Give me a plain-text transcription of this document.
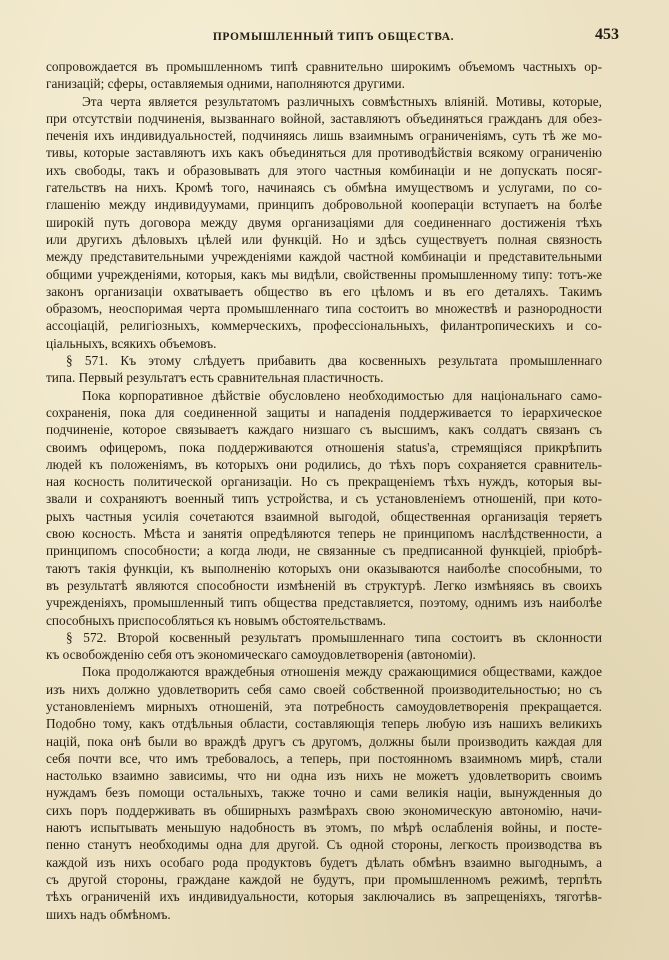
ПРОМЫШЛЕННЫЙ ТИПЪ ОБЩЕСТВА.	453
сопровождается въ промышленномъ типѣ сравнительно широкимъ объемомъ частныхъ ор-
ганизацій; сферы, оставляемыя одними, наполняются другими.
Эта черта является результатомъ различныхъ совмѣстныхъ вліяній. Мотивы, которые,
при отсутствіи подчиненія, вызваннаго войной, заставляютъ объединяться гражданъ для обез-
печенія ихъ индивидуальностей, подчиняясь лишь взаимнымъ ограниченіямъ, суть тѣ же мо-
тивы, которые заставляютъ ихъ какъ объединяться для противодѣйствія всякому ограниченію
ихъ свободы, такъ и образовывать для этого частныя комбинаціи и не допускать посяг-
гательствъ на нихъ. Кромѣ того, начинаясь съ обмѣна имуществомъ и услугами, по со-
глашенію между индивидуумами, принципъ добровольной коопераціи вступаетъ на болѣе
широкій путь договора между двумя организаціями для соединеннаго достиженія тѣхъ
или другихъ дѣловыхъ цѣлей или функцій. Но и здѣсь существуетъ полная связность
между представительными учрежденіями каждой частной комбинаціи и представительными
общими учрежденіями, которыя, какъ мы видѣли, свойственны промышленному типу: тотъ-же
законъ организаціи охватываетъ общество въ его цѣломъ и въ его деталяхъ. Такимъ
образомъ, неоспоримая черта промышленнаго типа состоитъ во множествѣ и разнородности
ассоціацій, религіозныхъ, коммерческихъ, профессіональныхъ, филантропическихъ и со-
ціальныхъ, всякихъ объемовъ.
§ 571. Къ этому слѣдуетъ прибавить два косвенныхъ результата промышленнаго
типа. Первый результатъ есть сравнительная пластичность.
Пока корпоративное дѣйствіе обусловлено необходимостью для національнаго само-
сохраненія, пока для соединенной защиты и нападенія поддерживается то іерархическое
подчиненіе, которое связываетъ каждаго низшаго съ высшимъ, какъ солдатъ связанъ съ
своимъ офицеромъ, пока поддерживаются отношенія status'а, стремящіяся прикрѣпить
людей къ положеніямъ, въ которыхъ они родились, до тѣхъ поръ сохраняется сравнитель-
ная косность политической организаціи. Но съ прекращеніемъ тѣхъ нуждъ, которыя вы-
звали и сохраняютъ военный типъ устройства, и съ установленіемъ отношеній, при кото-
рыхъ частныя усилія сочетаются взаимной выгодой, общественная организація теряетъ
свою косность. Мѣста и занятія опредѣляются теперь не принципомъ наслѣдственности, а
принципомъ способности; а когда люди, не связанные съ предписанной функціей, пріобрѣ-
таютъ такія функціи, къ выполненію которыхъ они оказываются наиболѣе способными, то
въ результатѣ являются способности измѣненій въ структурѣ. Легко измѣняясь въ своихъ
учрежденіяхъ, промышленный типъ общества представляется, поэтому, однимъ изъ наиболѣе
способныхъ приспособляться къ новымъ обстоятельствамъ.
§ 572. Второй косвенный результатъ промышленнаго типа состоитъ въ склонности
къ освобожденію себя отъ экономическаго самоудовлетворенія (автономіи).
Пока продолжаются враждебныя отношенія между сражающимися обществами, каждое
изъ нихъ должно удовлетворить себя само своей собственной производительностью; но съ
установленіемъ мирныхъ отношеній, эта потребность самоудовлетворенія прекращается.
Подобно тому, какъ отдѣльныя области, составляющія теперь любую изъ нашихъ великихъ
націй, пока онѣ были во враждѣ другъ съ другомъ, должны были производить каждая для
себя почти все, что имъ требовалось, а теперь, при постоянномъ взаимномъ мирѣ, стали
настолько взаимно зависимы, что ни одна изъ нихъ не можетъ удовлетворить своимъ
нуждамъ безъ помощи остальныхъ, также точно и сами великія націи, вынужденныя до
сихъ поръ поддерживать въ обширныхъ размѣрахъ свою экономическую автономію, начи-
наютъ испытывать меньшую надобность въ этомъ, по мѣрѣ ослабленія войны, и посте-
пенно станутъ необходимы одна для другой. Съ одной стороны, легкость производства въ
каждой изъ нихъ особаго рода продуктовъ будетъ дѣлать обмѣнъ взаимно выгоднымъ, а
съ другой стороны, граждане каждой не будутъ, при промышленномъ режимѣ, терпѣть
тѣхъ ограниченій ихъ индивидуальности, которыя заключались въ запрещеніяхъ, тяготѣв-
шихъ надъ обмѣномъ.
